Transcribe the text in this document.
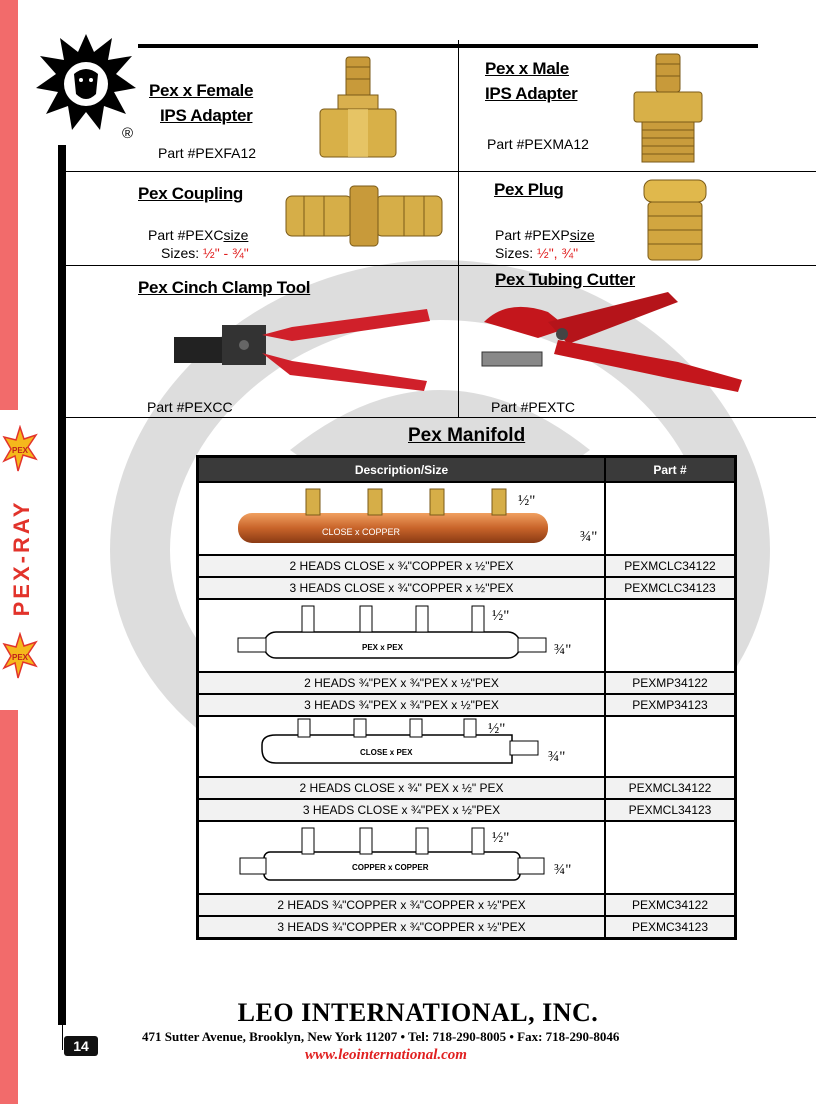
PEX
PEX-RAY
PEX
®
Pex x Female
IPS Adapter
Part #PEXFA12
Pex x Male
IPS Adapter
Part #PEXMA12
Pex Coupling
Part #PEXCsize
Sizes: ½" - ¾"
Pex Plug
Part #PEXPsize
Sizes: ½", ¾"
Pex Cinch Clamp Tool
Part #PEXCC
Pex Tubing Cutter
Part #PEXTC
Pex Manifold
Description/Size	Part #

CLOSE x COPPER
½"
¾"	

2 HEADS CLOSE x ¾"COPPER x ½"PEX	PEXMCLC34122
3 HEADS CLOSE x ¾"COPPER x ½"PEX	PEXMCLC34123

PEX x PEX
½"
¾"	

2 HEADS ¾"PEX x ¾"PEX x ½"PEX	PEXMP34122
3 HEADS ¾"PEX x ¾"PEX x ½"PEX	PEXMP34123

CLOSE x PEX
½"
¾"	

2 HEADS CLOSE x ¾" PEX x ½" PEX	PEXMCL34122
3 HEADS CLOSE x ¾"PEX x ½"PEX	PEXMCL34123

COPPER x COPPER
½"
¾"	

2 HEADS ¾"COPPER x ¾"COPPER x ½"PEX	PEXMC34122
3 HEADS ¾"COPPER x ¾"COPPER x ½"PEX	PEXMC34123
LEO INTERNATIONAL, INC.
471 Sutter Avenue, Brooklyn, New York 11207 • Tel: 718-290-8005 • Fax: 718-290-8046
www.leointernational.com
14
